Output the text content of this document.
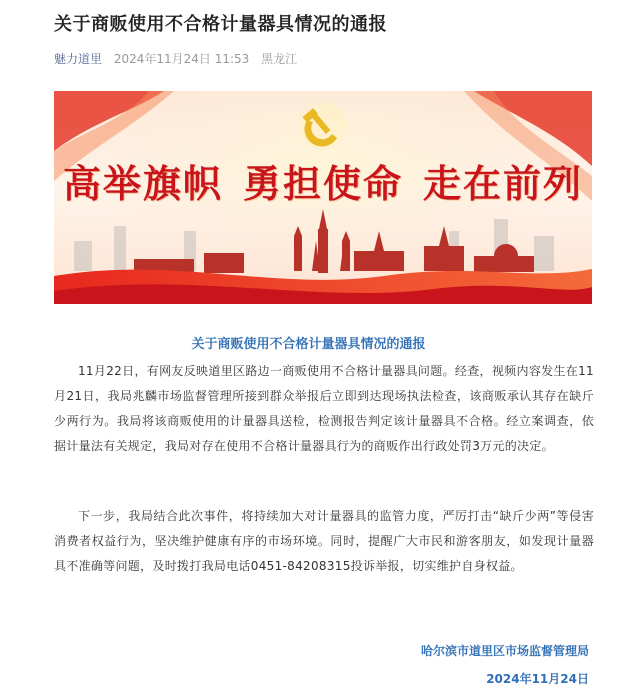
关于商贩使用不合格计量器具情况的通报
魅力道里 2024年11月24日 11:53 黑龙江
高举旗帜 勇担使命 走在前列
关于商贩使用不合格计量器具情况的通报

11月22日，有网友反映道里区路边一商贩使用不合格计量器具问题。经查，视频内容发生在11月21日，我局兆麟市场监督管理所接到群众举报后立即到达现场执法检查，该商贩承认其存在缺斤少两行为。我局将该商贩使用的计量器具送检，检测报告判定该计量器具不合格。经立案调查，依据计量法有关规定，我局对存在使用不合格计量器具行为的商贩作出行政处罚3万元的决定。

下一步，我局结合此次事件，将持续加大对计量器具的监管力度，严厉打击“缺斤少两”等侵害消费者权益行为，坚决维护健康有序的市场环境。同时，提醒广大市民和游客朋友，如发现计量器具不准确等问题，及时拨打我局电话0451-84208315投诉举报，切实维护自身权益。

哈尔滨市道里区市场监督管理局
2024年11月24日
